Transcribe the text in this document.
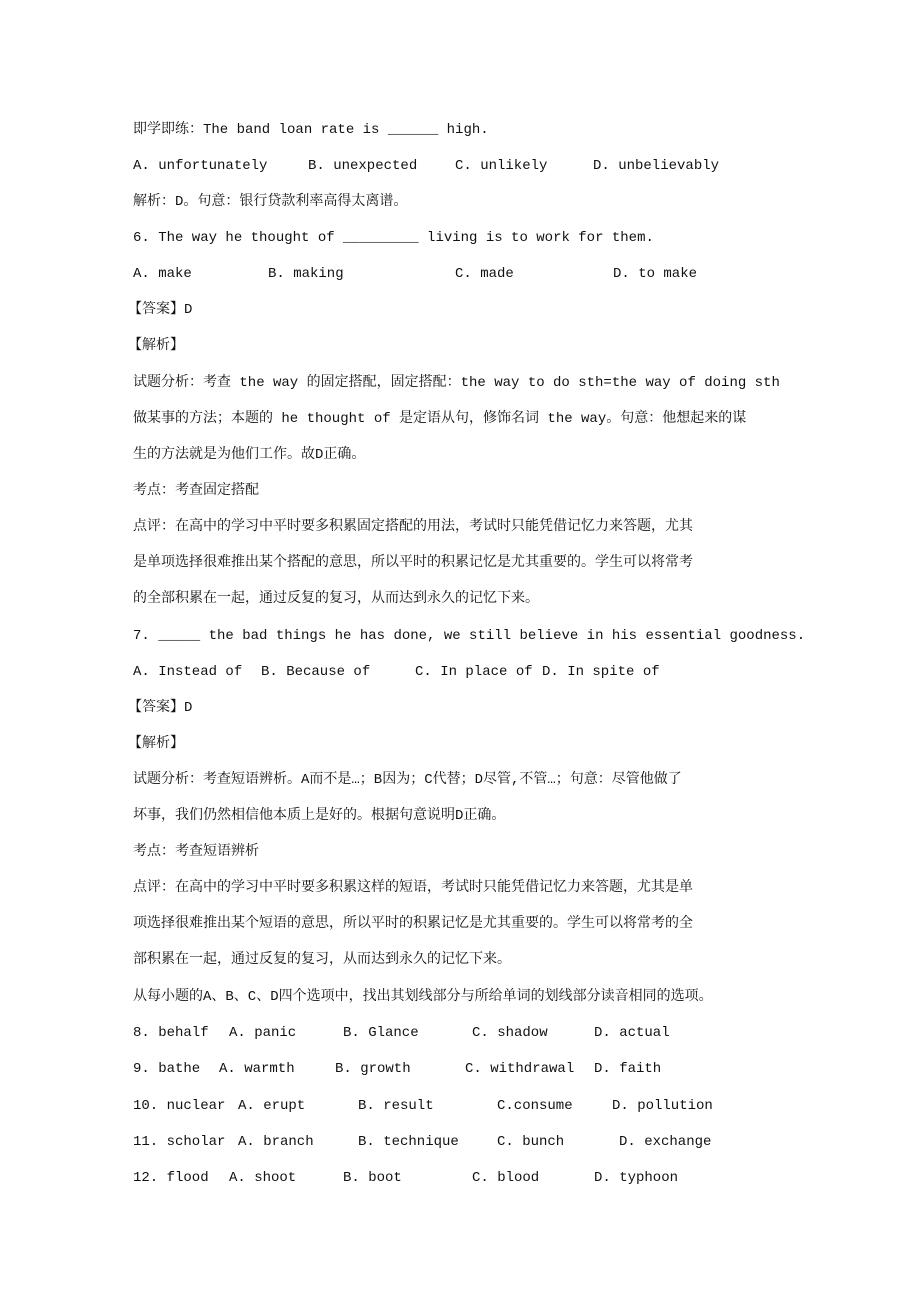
即学即练：The band loan rate is ______ high.
A. unfortunately	B. unexpected	C. unlikely	D. unbelievably
解析：D。句意：银行贷款利率高得太离谱。
6. The way he thought of _________ living is to work for them.
A. make	B. making	C. made	D. to make
【答案】D
【解析】
试题分析：考查 the way 的固定搭配，固定搭配：the way to do sth=the way of doing sth
做某事的方法；本题的 he thought of 是定语从句，修饰名词 the way。句意：他想起来的谋
生的方法就是为他们工作。故D正确。
考点：考查固定搭配
点评：在高中的学习中平时要多积累固定搭配的用法，考试时只能凭借记忆力来答题，尤其
是单项选择很难推出某个搭配的意思，所以平时的积累记忆是尤其重要的。学生可以将常考
的全部积累在一起，通过反复的复习，从而达到永久的记忆下来。
7. _____ the bad things he has done, we still believe in his essential goodness.
A. Instead of B. Because of	C. In place of D. In spite of
【答案】D
【解析】
试题分析：考查短语辨析。A而不是…；B因为；C代替；D尽管,不管…；句意：尽管他做了
坏事，我们仍然相信他本质上是好的。根据句意说明D正确。
考点：考查短语辨析
点评：在高中的学习中平时要多积累这样的短语，考试时只能凭借记忆力来答题，尤其是单
项选择很难推出某个短语的意思，所以平时的积累记忆是尤其重要的。学生可以将常考的全
部积累在一起，通过反复的复习，从而达到永久的记忆下来。
从每小题的A、B、C、D四个选项中，找出其划线部分与所给单词的划线部分读音相同的选项。
8. behalf A. panic	B. Glance	C. shadow	D. actual
9. bathe A. warmth	B. growth	C. withdrawal D. faith
10. nuclear A. erupt	B. result	C.consume	D. pollution
11. scholar A. branch	B. technique	C. bunch	D. exchange
12. flood A. shoot	B. boot	C. blood	D. typhoon
